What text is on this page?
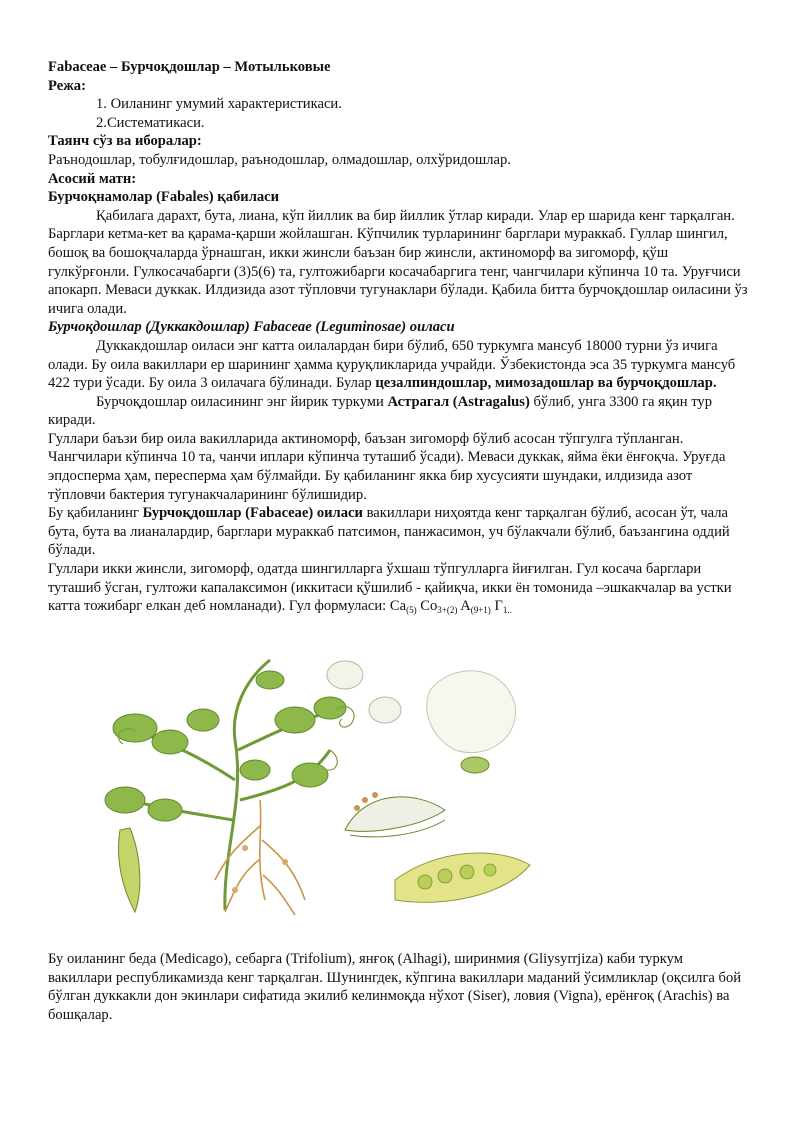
Fabaceae – Бурчоқдошлар – Мотыльковые

Режа:

1. Оиланинг умумий характеристикаси.

2.Систематикаси.

Таянч сўз ва иборалар:

Раънодошлар, тобулғидошлар, раънодошлар, олмадошлар, олхўридошлар.

Асосий матн:

Бурчоқнамолар (Fabales) қабиласи

Қабилага дарахт, бута, лиана, кўп йиллик ва бир йиллик ўтлар киради. Улар ер шарида кенг тарқалган. Барглари кетма-кет ва қарама-қарши жойлашган. Кўпчилик турларининг барглари мураккаб. Гуллар шингил, бошоқ ва бошоқчаларда ўрнашган, икки жинсли баъзан бир жинсли, актиноморф ва зигоморф, қўш гулкўрғонли. Гулкосачабарги (3)5(6) та, гултожибарги косачабаргига тенг, чангчилари кўпинча 10 та. Уруғчиси апокарп. Меваси дуккак. Илдизида азот тўпловчи тугунаклари бўлади. Қабила битта бурчоқдошлар оиласини ўз ичига олади.

Бурчоқдошлар (Дуккакдошлар) Fabaceae (Leguminosae) оиласи

Дуккакдошлар оиласи энг катта оилалардан бири бўлиб, 650 туркумга мансуб 18000 турни ўз ичига олади. Бу оила вакиллари ер шарининг ҳамма қуруқликларида учрайди. Ўзбекистонда эса 35 туркумга мансуб 422 тури ўсади. Бу оила 3 оилачага бўлинади. Булар цезалпиндошлар, мимозадошлар ва бурчоқдошлар.

Бурчоқдошлар оиласининг энг йирик туркуми Астрагал (Astragalus) бўлиб, унга 3300 га яқин тур киради.

Гуллари баъзи бир оила вакилларида актиноморф, баъзан зигоморф бўлиб асосан тўпгулга тўпланган. Чангчилари кўпинча 10 та, чанчи иплари кўпинча туташиб ўсади). Меваси дуккак, яйма ёки ёнғоқча. Уруғда эпдосперма ҳам, пересперма ҳам бўлмайди. Бу қабиланинг якка бир хусусияти шундаки, илдизида азот тўпловчи бактерия тугунакчаларининг бўлишидир.

Бу қабиланинг Бурчоқдошлар (Fabaceae) оиласи вакиллари ниҳоятда кенг тарқалган бўлиб, асосан ўт, чала бута, бута ва лианалардир, барглари мураккаб патсимон, панжасимон, уч бўлакчали бўлиб, баъзангина оддий бўлади.

Гуллари икки жинсли, зигоморф, одатда шингилларга ўхшаш тўпгулларга йиғилган. Гул косача барглари туташиб ўсган, гултожи капалаксимон (иккитаси қўшилиб - қайиқча, икки ён томонида –эшкакчалар ва устки катта тожибарг елкан деб номланади). Гул формуласи: $Ca_{(5)}$ $Co_{3+(2)}$ $A_{(9+1)}$ $Г_{1..}$

Бу оиланинг беда (Medicago), себарга (Trifolium), янғоқ (Alhagi), ширинмия (Gliysyrrjiza) каби туркум вакиллари республикамизда кенг тарқалган. Шунингдек, кўпгина вакиллари маданий ўсимликлар (оқсилга бой бўлган дуккакли дон экинлари сифатида экилиб келинмоқда нўхот (Siser), ловия (Vigna), ерёнғоқ (Arachis) ва бошқалар.
